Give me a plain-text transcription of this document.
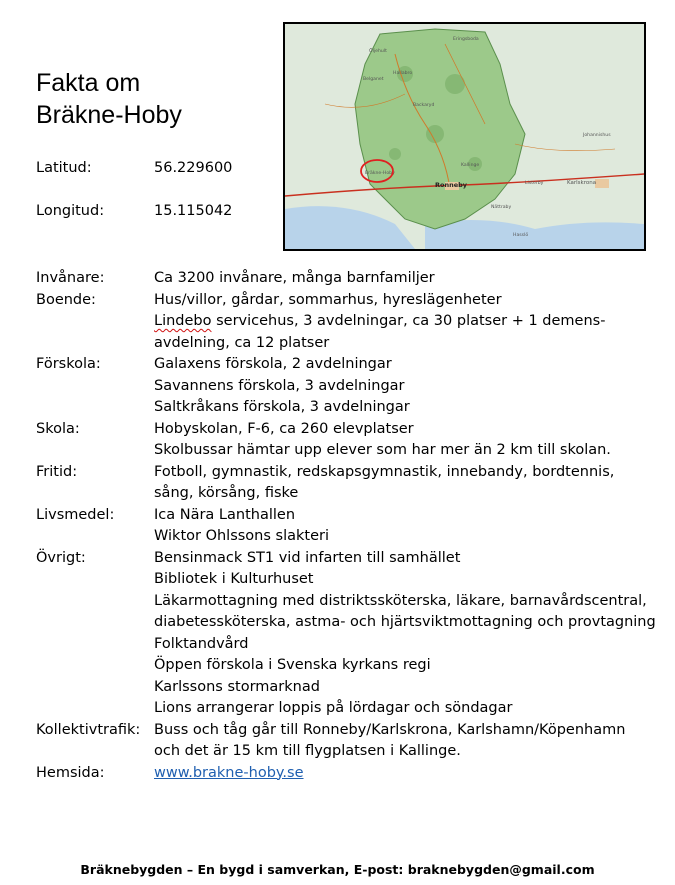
Fakta om
Bräkne-Hoby
Latitud:	56.229600
Longitud:	15.115042
Eringsboda
Öljehult
Hallabro
Belganet
Backaryd
Bräkne-Hoby
Kallinge
Ronneby	Karlskrona
Nättraby
Johannishus
Listerby
Hasslö
Invånare:	Ca 3200 invånare, många barnfamiljer
Boende:	Hus/villor, gårdar, sommarhus, hyreslägenheter
Lindebo servicehus, 3 avdelningar, ca 30 platser + 1 demens-
avdelning, ca 12 platser
Förskola:	Galaxens förskola, 2 avdelningar
Savannens förskola, 3 avdelningar
Saltkråkans förskola, 3 avdelningar
Skola:	Hobyskolan, F-6, ca 260 elevplatser
Skolbussar hämtar upp elever som har mer än 2 km till skolan.
Fritid:	Fotboll, gymnastik, redskapsgymnastik, innebandy, bordtennis,
sång, körsång, fiske
Livsmedel:	Ica Nära Lanthallen
Wiktor Ohlssons slakteri
Övrigt:	Bensinmack ST1 vid infarten till samhället
Bibliotek i Kulturhuset
Läkarmottagning med distriktssköterska, läkare, barnavårdscentral,
diabetessköterska, astma- och hjärtsviktmottagning och provtagning
Folktandvård
Öppen förskola i Svenska kyrkans regi
Karlssons stormarknad
Lions arrangerar loppis på lördagar och söndagar
Kollektivtrafik: Buss och tåg går till Ronneby/Karlskrona, Karlshamn/Köpenhamn
och det är 15 km till flygplatsen i Kallinge.
Hemsida:	www.brakne-hoby.se
Bräknebygden – En bygd i samverkan, E-post: braknebygden@gmail.com
